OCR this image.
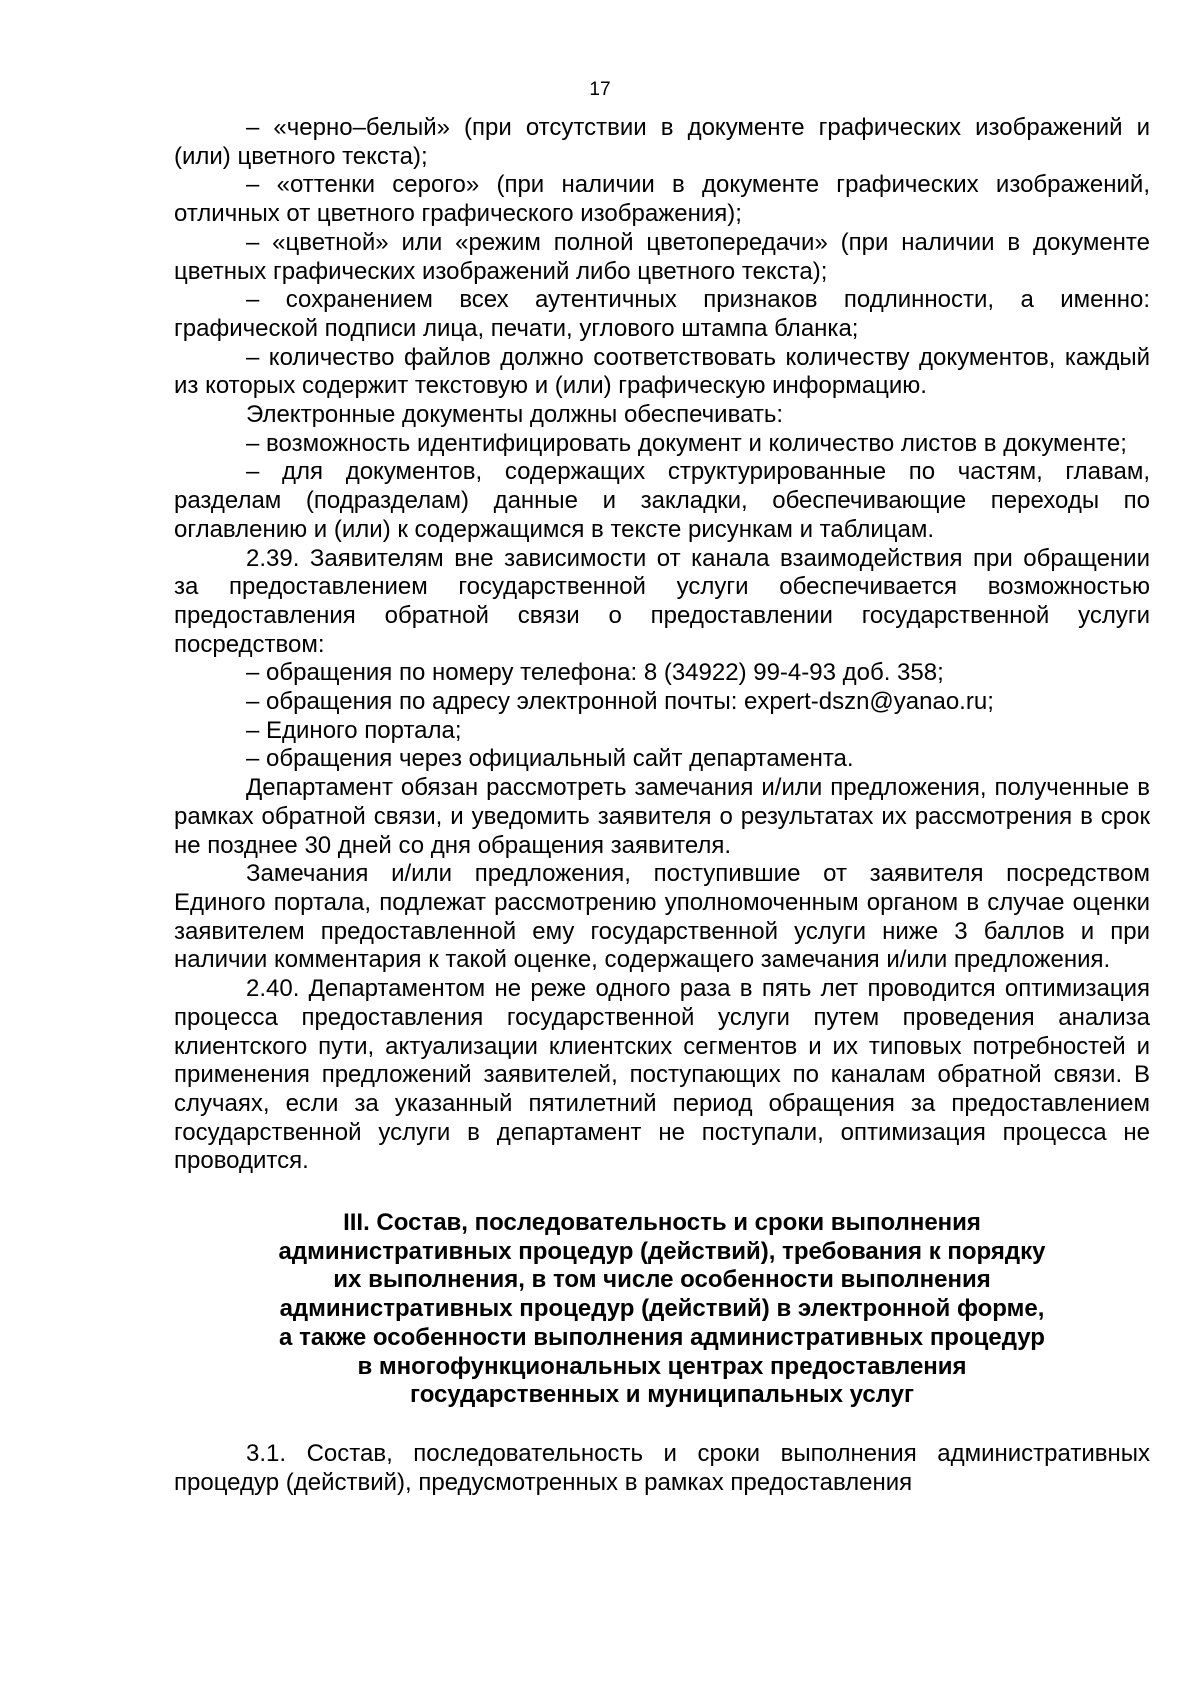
17

– «черно–белый» (при отсутствии в документе графических изображений и (или) цветного текста);

– «оттенки серого» (при наличии в документе графических изображений, отличных от цветного графического изображения);

– «цветной» или «режим полной цветопередачи» (при наличии в документе цветных графических изображений либо цветного текста);

– сохранением всех аутентичных признаков подлинности, а именно: графической подписи лица, печати, углового штампа бланка;

– количество файлов должно соответствовать количеству документов, каждый из которых содержит текстовую и (или) графическую информацию.

Электронные документы должны обеспечивать:

– возможность идентифицировать документ и количество листов в документе;

– для документов, содержащих структурированные по частям, главам, разделам (подразделам) данные и закладки, обеспечивающие переходы по оглавлению и (или) к содержащимся в тексте рисункам и таблицам.

2.39. Заявителям вне зависимости от канала взаимодействия при обращении за предоставлением государственной услуги обеспечивается возможностью предоставления обратной связи о предоставлении государственной услуги посредством:

– обращения по номеру телефона: 8 (34922) 99-4-93 доб. 358;

– обращения по адресу электронной почты: expert-dszn@yanao.ru;

– Единого портала;

– обращения через официальный сайт департамента.

Департамент обязан рассмотреть замечания и/или предложения, полученные в рамках обратной связи, и уведомить заявителя о результатах их рассмотрения в срок не позднее 30 дней со дня обращения заявителя.

Замечания и/или предложения, поступившие от заявителя посредством Единого портала, подлежат рассмотрению уполномоченным органом в случае оценки заявителем предоставленной ему государственной услуги ниже 3 баллов и при наличии комментария к такой оценке, содержащего замечания и/или предложения.

2.40. Департаментом не реже одного раза в пять лет проводится оптимизация процесса предоставления государственной услуги путем проведения анализа клиентского пути, актуализации клиентских сегментов и их типовых потребностей и применения предложений заявителей, поступающих по каналам обратной связи. В случаях, если за указанный пятилетний период обращения за предоставлением государственной услуги в департамент не поступали, оптимизация процесса не проводится.

III. Состав, последовательность и сроки выполнения
административных процедур (действий), требования к порядку
их выполнения, в том числе особенности выполнения
административных процедур (действий) в электронной форме,
а также особенности выполнения административных процедур
в многофункциональных центрах предоставления
государственных и муниципальных услуг

3.1. Состав, последовательность и сроки выполнения административных процедур (действий), предусмотренных в рамках предоставления
